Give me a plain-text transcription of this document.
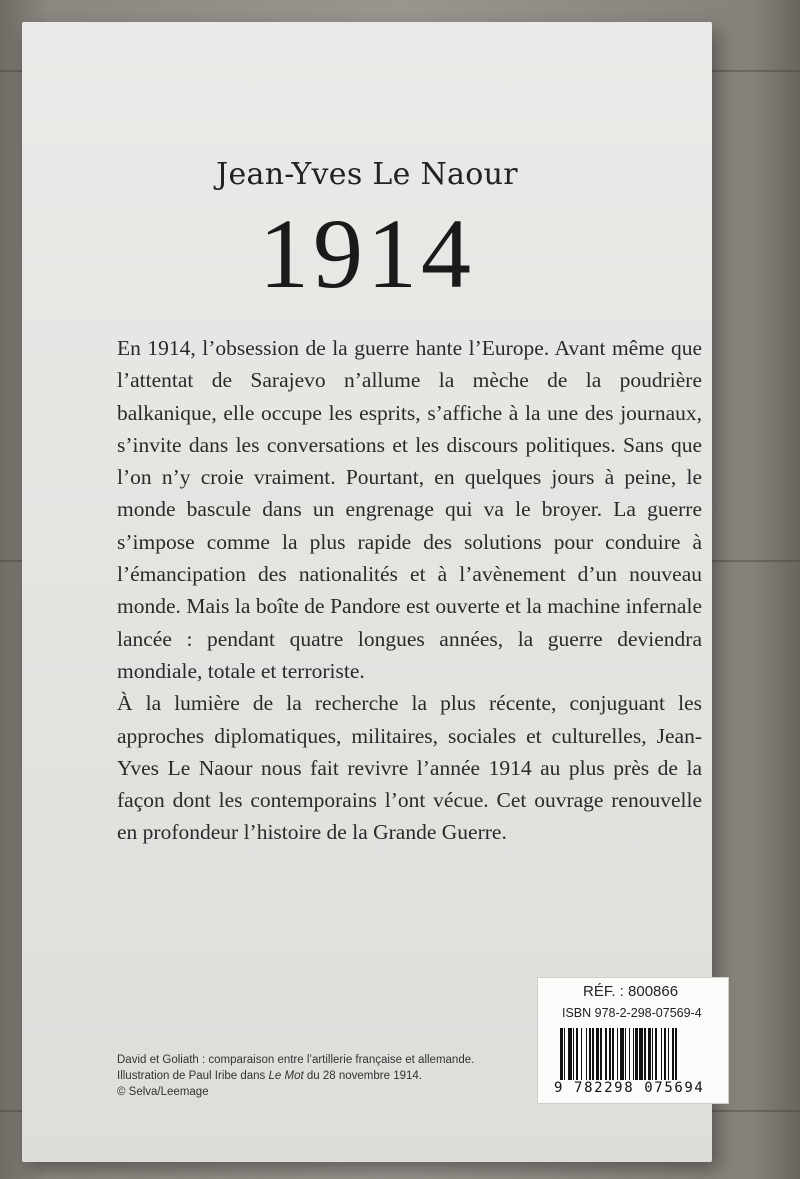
Jean-Yves Le Naour
1914

En 1914, l’obsession de la guerre hante l’Europe. Avant même que l’attentat de Sarajevo n’allume la mèche de la poudrière balkanique, elle occupe les esprits, s’affiche à la une des journaux, s’invite dans les conversations et les discours politiques. Sans que l’on n’y croie vraiment. Pourtant, en quelques jours à peine, le monde bascule dans un engrenage qui va le broyer. La guerre s’impose comme la plus rapide des solutions pour conduire à l’émancipation des nationalités et à l’avènement d’un nouveau monde. Mais la boîte de Pandore est ouverte et la machine infernale lancée : pendant quatre longues années, la guerre deviendra mondiale, totale et terroriste.

À la lumière de la recherche la plus récente, conjuguant les approches diplomatiques, militaires, sociales et culturelles, Jean-Yves Le Naour nous fait revivre l’année 1914 au plus près de la façon dont les contemporains l’ont vécue. Cet ouvrage renouvelle en profondeur l’histoire de la Grande Guerre.

David et Goliath : comparaison entre l’artillerie française et allemande.
Illustration de Paul Iribe dans Le Mot du 28 novembre 1914.
© Selva/Leemage
RÉF. : 800866
ISBN 978-2-298-07569-4
9 782298 075694
